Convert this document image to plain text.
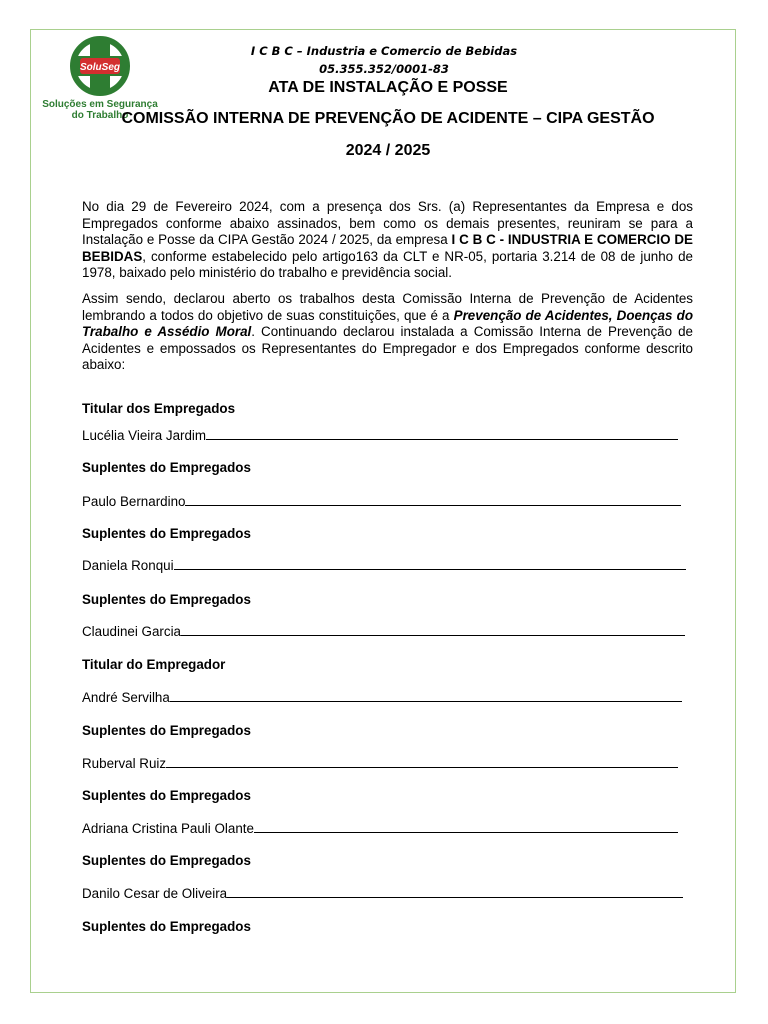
SoluSeg
Soluções em Segurança do Trabalho
I C B C – Industria e Comercio de Bebidas
05.355.352/0001-83
ATA DE INSTALAÇÃO E POSSE
COMISSÃO INTERNA DE PREVENÇÃO DE ACIDENTE – CIPA GESTÃO
2024 / 2025

No dia 29 de Fevereiro 2024, com a presença dos Srs. (a) Representantes da Empresa e dos Empregados conforme abaixo assinados, bem como os demais presentes, reuniram se para a Instalação e Posse da CIPA Gestão 2024 / 2025, da empresa I C B C - INDUSTRIA E COMERCIO DE BEBIDAS, conforme estabelecido pelo artigo163 da CLT e NR-05, portaria 3.214 de 08 de junho de 1978, baixado pelo ministério do trabalho e previdência social.

Assim sendo, declarou aberto os trabalhos desta Comissão Interna de Prevenção de Acidentes lembrando a todos do objetivo de suas constituições, que é a Prevenção de Acidentes, Doenças do Trabalho e Assédio Moral. Continuando declarou instalada a Comissão Interna de Prevenção de Acidentes e empossados os Representantes do Empregador e dos Empregados conforme descrito abaixo:

Titular dos Empregados
Lucélia Vieira Jardim
Suplentes do Empregados
Paulo Bernardino
Suplentes do Empregados
Daniela Ronqui
Suplentes do Empregados
Claudinei Garcia
Titular do Empregador
André Servilha
Suplentes do Empregados
Ruberval Ruiz
Suplentes do Empregados
Adriana Cristina Pauli Olante
Suplentes do Empregados
Danilo Cesar de Oliveira
Suplentes do Empregados
